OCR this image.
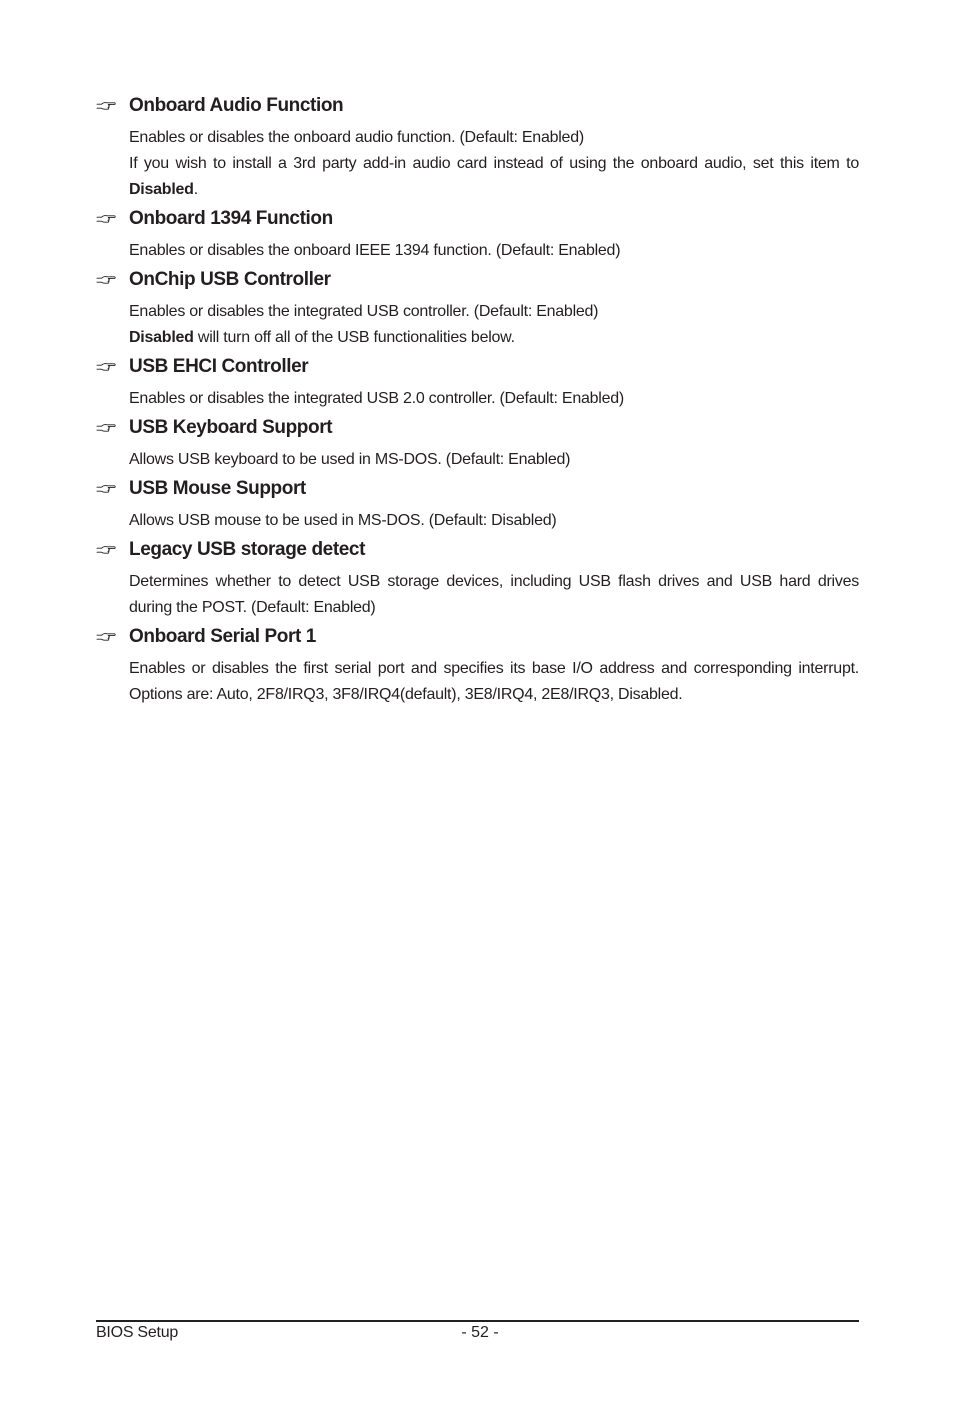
Onboard Audio Function

Enables or disables the onboard audio function. (Default: Enabled)

If you wish to install a 3rd party add-in audio card instead of using the onboard audio, set this item to Disabled.

Onboard 1394 Function

Enables or disables the onboard IEEE 1394 function. (Default: Enabled)

OnChip USB Controller

Enables or disables the integrated USB controller. (Default: Enabled)

Disabled will turn off all of the USB functionalities below.

USB EHCI Controller

Enables or disables the integrated USB 2.0 controller. (Default: Enabled)

USB Keyboard Support

Allows USB keyboard to be used in MS-DOS. (Default: Enabled)

USB Mouse Support

Allows USB mouse to be used in MS-DOS. (Default: Disabled)

Legacy USB storage detect

Determines whether to detect USB storage devices, including USB flash drives and USB hard drives during the POST. (Default: Enabled)

Onboard Serial Port 1

Enables or disables the first serial port and specifies its base I/O address and corresponding interrupt. Options are: Auto, 2F8/IRQ3, 3F8/IRQ4(default), 3E8/IRQ4, 2E8/IRQ3, Disabled.

BIOS Setup	- 52 -
